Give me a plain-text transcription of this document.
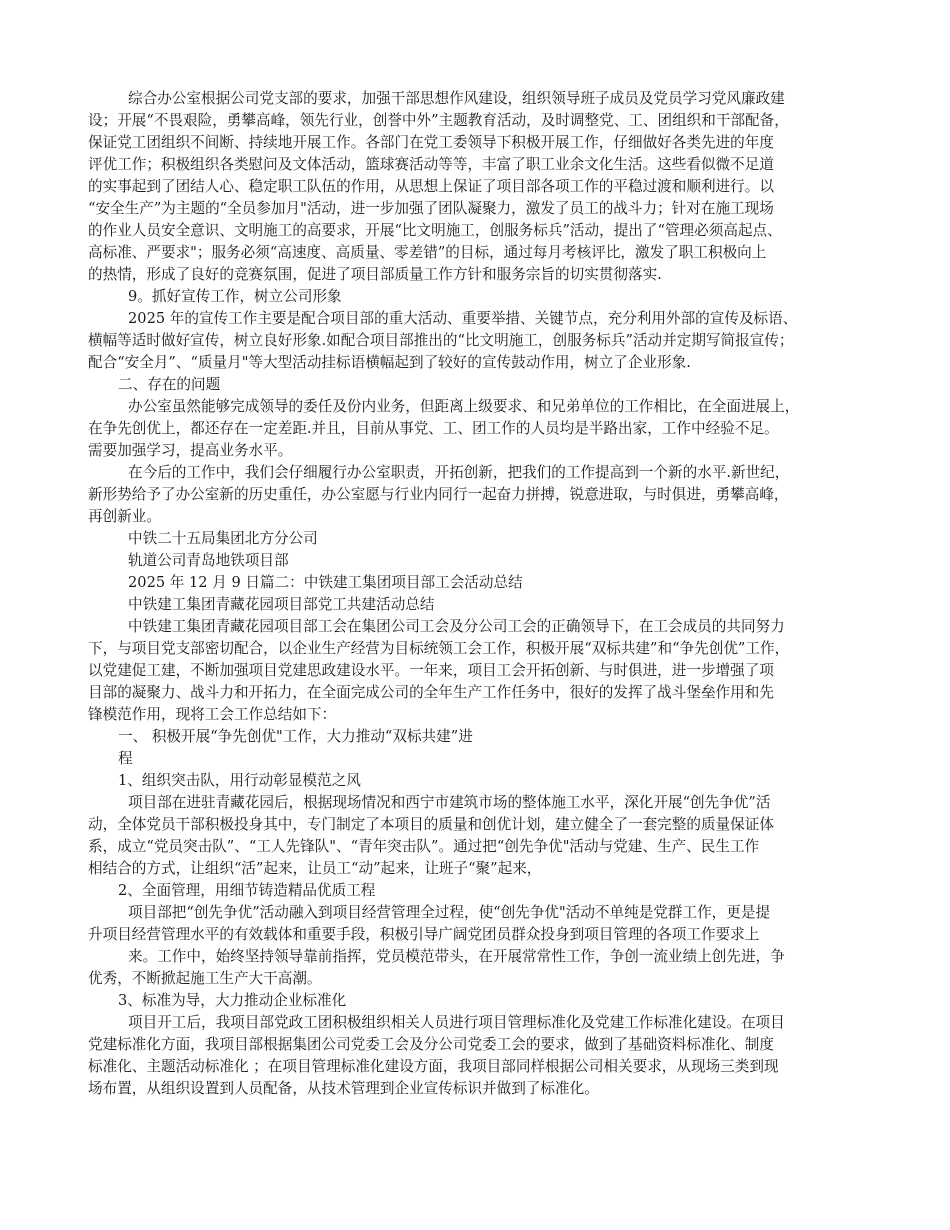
综合办公室根据公司党支部的要求，加强干部思想作风建设，组织领导班子成员及党员学习党风廉政建
设；开展“不畏艰险，勇攀高峰，领先行业，创誉中外”主题教育活动，及时调整党、工、团组织和干部配备，
保证党工团组织不间断、持续地开展工作。各部门在党工委领导下积极开展工作，仔细做好各类先进的年度
评优工作；积极组织各类慰问及文体活动，篮球赛活动等等，丰富了职工业余文化生活。这些看似微不足道
的实事起到了团结人心、稳定职工队伍的作用，从思想上保证了项目部各项工作的平稳过渡和顺利进行。以
“安全生产”为主题的“全员参加月"活动，进一步加强了团队凝聚力，激发了员工的战斗力；针对在施工现场
的作业人员安全意识、文明施工的高要求，开展“比文明施工，创服务标兵”活动，提出了“管理必须高起点、
高标准、严要求"；服务必须“高速度、高质量、零差错”的目标，通过每月考核评比，激发了职工积极向上
的热情，形成了良好的竞赛氛围，促进了项目部质量工作方针和服务宗旨的切实贯彻落实.
9。抓好宣传工作，树立公司形象
2025 年的宣传工作主要是配合项目部的重大活动、重要举措、关键节点，充分利用外部的宣传及标语、
横幅等适时做好宣传，树立良好形象.如配合项目部推出的“比文明施工，创服务标兵”活动并定期写简报宣传；
配合“安全月”、“质量月"等大型活动挂标语横幅起到了较好的宣传鼓动作用，树立了企业形象.
二、存在的问题
办公室虽然能够完成领导的委任及份内业务，但距离上级要求、和兄弟单位的工作相比，在全面进展上，
在争先创优上，都还存在一定差距.并且，目前从事党、工、团工作的人员均是半路出家，工作中经验不足。
需要加强学习，提高业务水平。
在今后的工作中，我们会仔细履行办公室职责，开拓创新，把我们的工作提高到一个新的水平.新世纪，
新形势给予了办公室新的历史重任，办公室愿与行业内同行一起奋力拼搏，锐意进取，与时俱进，勇攀高峰，
再创新业。
中铁二十五局集团北方分公司
轨道公司青岛地铁项目部
2025 年 12 月 9 日篇二：中铁建工集团项目部工会活动总结
中铁建工集团青藏花园项目部党工共建活动总结
中铁建工集团青藏花园项目部工会在集团公司工会及分公司工会的正确领导下，在工会成员的共同努力
下，与项目党支部密切配合，以企业生产经营为目标统领工会工作，积极开展“双标共建”和“争先创优”工作，
以党建促工建，不断加强项目党建思政建设水平。一年来，项目工会开拓创新、与时俱进，进一步增强了项
目部的凝聚力、战斗力和开拓力，在全面完成公司的全年生产工作任务中，很好的发挥了战斗堡垒作用和先
锋模范作用，现将工会工作总结如下：
一、 积极开展“争先创优"工作，大力推动“双标共建”进
程
1、组织突击队，用行动彰显模范之风
项目部在进驻青藏花园后，根据现场情况和西宁市建筑市场的整体施工水平，深化开展“创先争优”活
动，全体党员干部积极投身其中，专门制定了本项目的质量和创优计划，建立健全了一套完整的质量保证体
系，成立“党员突击队”、“工人先锋队"、“青年突击队”。通过把“创先争优"活动与党建、生产、民生工作
相结合的方式，让组织“活”起来，让员工“动”起来，让班子“聚”起来，
2、全面管理，用细节铸造精品优质工程
项目部把“创先争优”活动融入到项目经营管理全过程，使“创先争优"活动不单纯是党群工作，更是提
升项目经营管理水平的有效载体和重要手段，积极引导广阔党团员群众投身到项目管理的各项工作要求上
来。工作中，始终坚持领导靠前指挥，党员模范带头，在开展常常性工作，争创一流业绩上创先进，争
优秀，不断掀起施工生产大干高潮。
3、标准为导，大力推动企业标准化
项目开工后，我项目部党政工团积极组织相关人员进行项目管理标准化及党建工作标准化建设。在项目
党建标准化方面，我项目部根据集团公司党委工会及分公司党委工会的要求，做到了基础资料标准化、制度
标准化、主题活动标准化 ；在项目管理标准化建设方面，我项目部同样根据公司相关要求，从现场三类到现
场布置，从组织设置到人员配备，从技术管理到企业宣传标识并做到了标准化。
